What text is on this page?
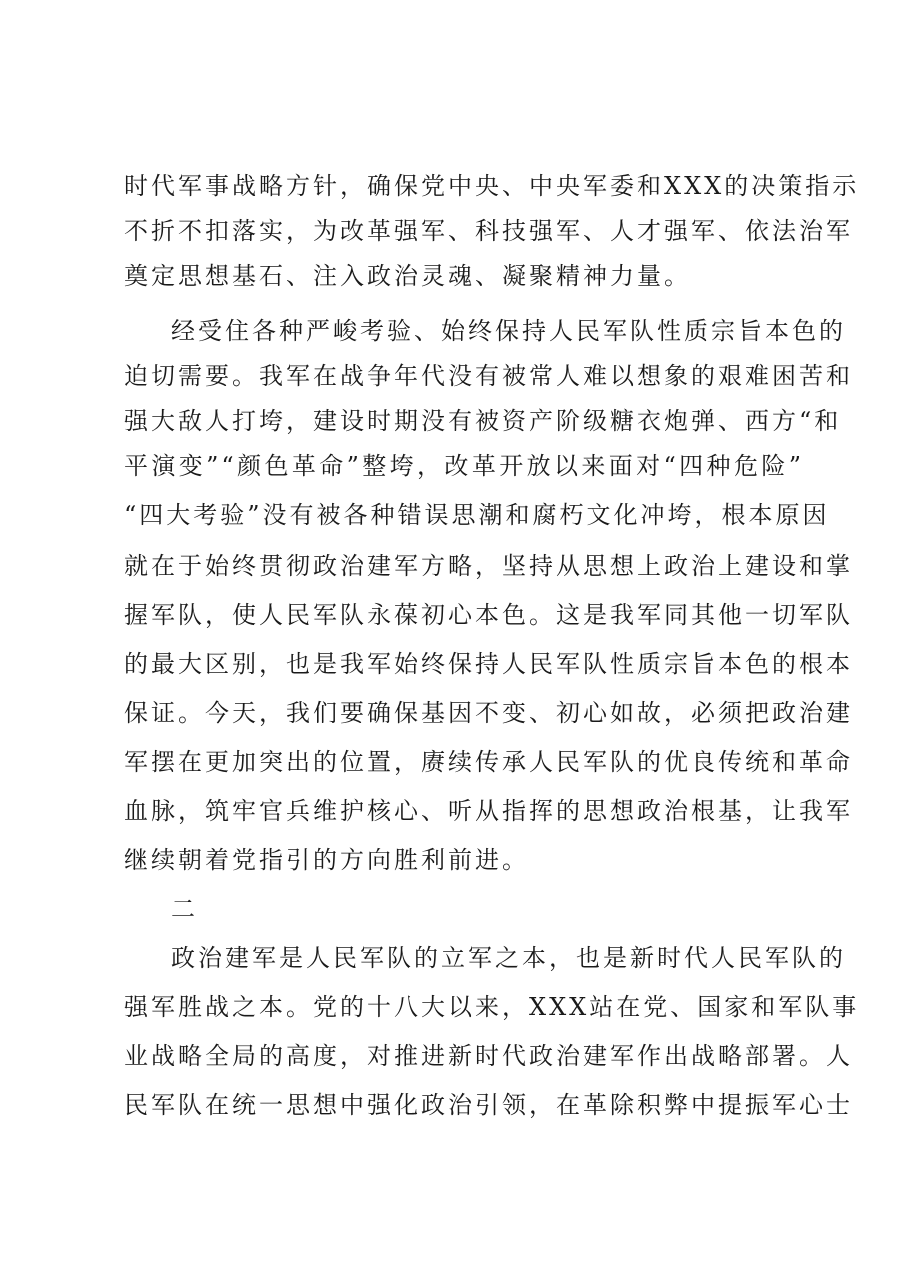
时代军事战略方针，确保党中央、中央军委和XXX的决策指示
不折不扣落实，为改革强军、科技强军、人才强军、依法治军
奠定思想基石、注入政治灵魂、凝聚精神力量。
经受住各种严峻考验、始终保持人民军队性质宗旨本色的
迫切需要。我军在战争年代没有被常人难以想象的艰难困苦和
强大敌人打垮，建设时期没有被资产阶级糖衣炮弹、西方“和
平演变”“颜色革命”整垮，改革开放以来面对“四种危险”
“四大考验”没有被各种错误思潮和腐朽文化冲垮，根本原因
就在于始终贯彻政治建军方略，坚持从思想上政治上建设和掌
握军队，使人民军队永葆初心本色。这是我军同其他一切军队
的最大区别，也是我军始终保持人民军队性质宗旨本色的根本
保证。今天，我们要确保基因不变、初心如故，必须把政治建
军摆在更加突出的位置，赓续传承人民军队的优良传统和革命
血脉，筑牢官兵维护核心、听从指挥的思想政治根基，让我军
继续朝着党指引的方向胜利前进。
二
政治建军是人民军队的立军之本，也是新时代人民军队的
强军胜战之本。党的十八大以来，XXX站在党、国家和军队事
业战略全局的高度，对推进新时代政治建军作出战略部署。人
民军队在统一思想中强化政治引领，在革除积弊中提振军心士
